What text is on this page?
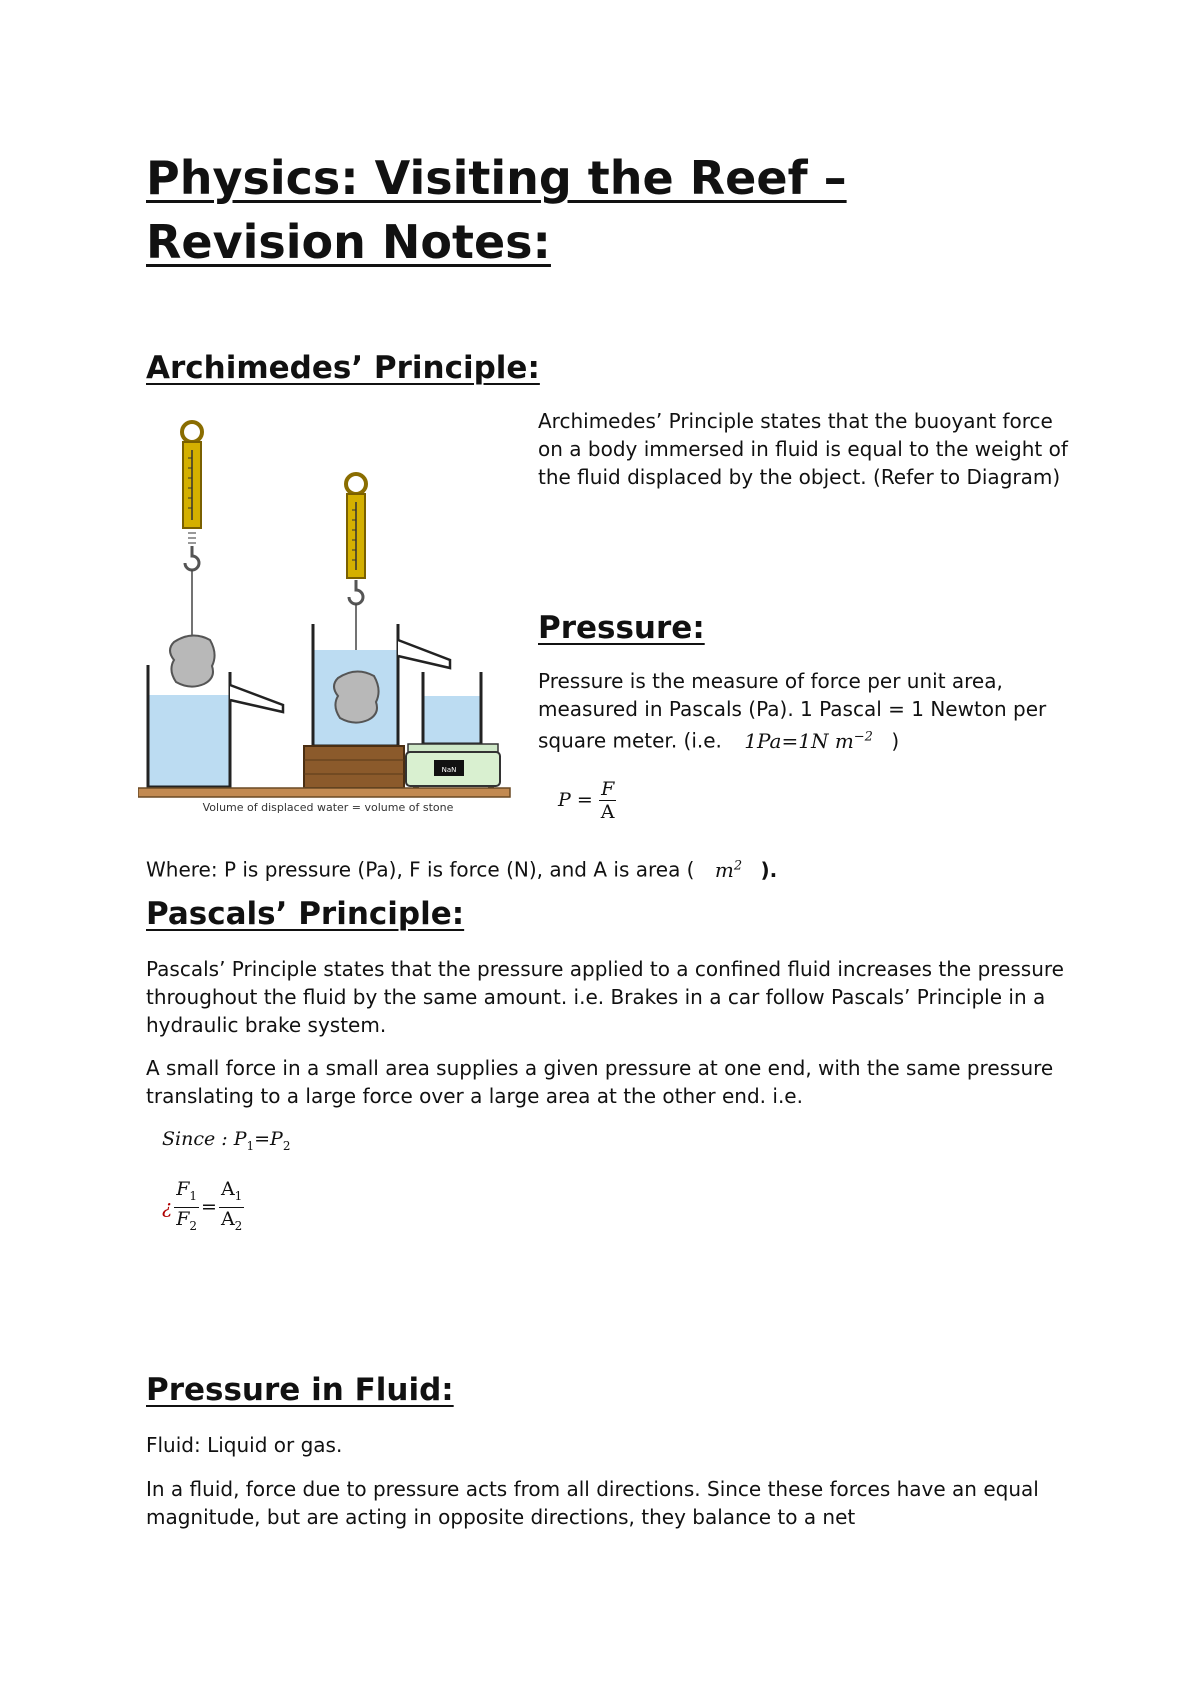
Physics: Visiting the Reef – Revision Notes:
Archimedes’ Principle:
NaN
Volume of displaced water = volume of stone

Archimedes’ Principle states that the buoyant force on a body immersed in fluid is equal to the weight of the fluid displaced by the object. (Refer to Diagram)

Pressure:

Pressure is the measure of force per unit area, measured in Pascals (Pa). 1 Pascal = 1 Newton per square meter. (i.e. 1Pa=1N $m^{-2}$ )

$P = \frac{F}{A}$

Where: P is pressure (Pa), F is force (N), and A is area ( $m^2$ ).

Pascals’ Principle:

Pascals’ Principle states that the pressure applied to a confined fluid increases the pressure throughout the fluid by the same amount. i.e. Brakes in a car follow Pascals’ Principle in a hydraulic brake system.

A small force in a small area supplies a given pressure at one end, with the same pressure translating to a large force over a large area at the other end. i.e.

Since : $P_1=P_2$
¿ $\frac{F_1}{F_2} = \frac{A_1}{A_2}$
Pressure in Fluid:

Fluid: Liquid or gas.

In a fluid, force due to pressure acts from all directions. Since these forces have an equal magnitude, but are acting in opposite directions, they balance to a net
